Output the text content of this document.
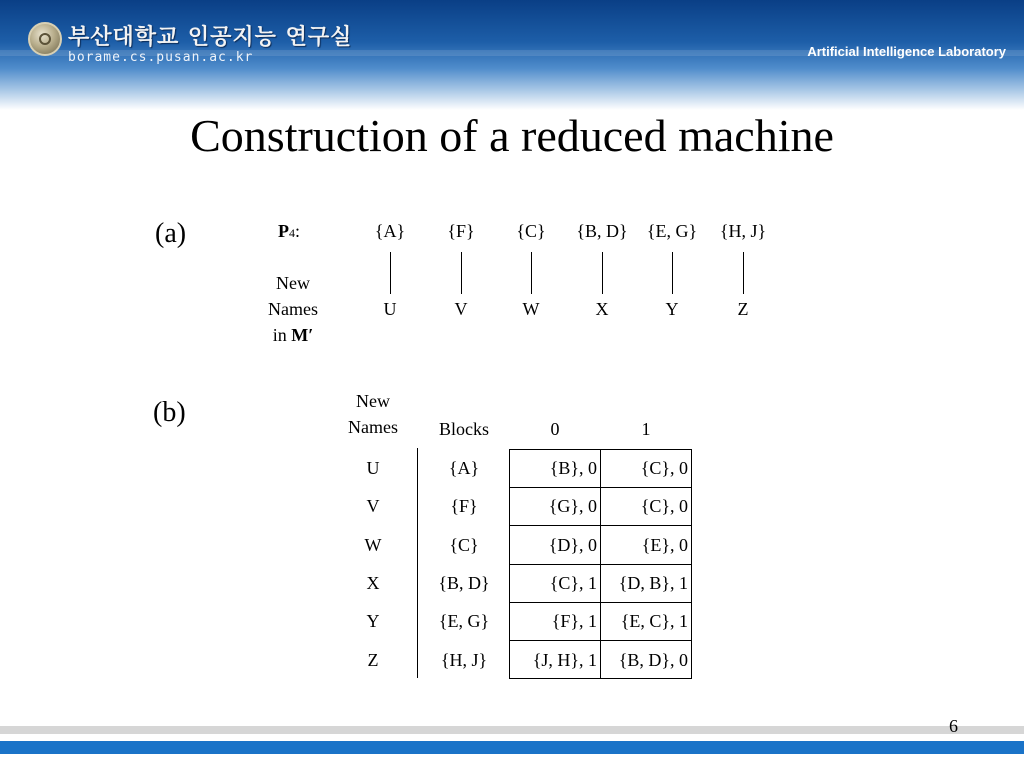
부산대학교 인공지능 연구실
borame.cs.pusan.ac.kr	Artificial Intelligence Laboratory
Construction of a reduced machine
(a)	P4:
New
Names
in M′
{A}	{F}	{C}	{B, D}	{E, G}	{H, J}
U	V	W	X	Y	Z
(b)	New
Names	Blocks	0	1
U	{A}	{B}, 0	{C}, 0
V	{F}	{G}, 0	{C}, 0
W	{C}	{D}, 0	{E}, 0
X	{B, D}	{C}, 1	{D, B}, 1
Y	{E, G}	{F}, 1	{E, C}, 1
Z	{H, J}	{J, H}, 1	{B, D}, 0
6
